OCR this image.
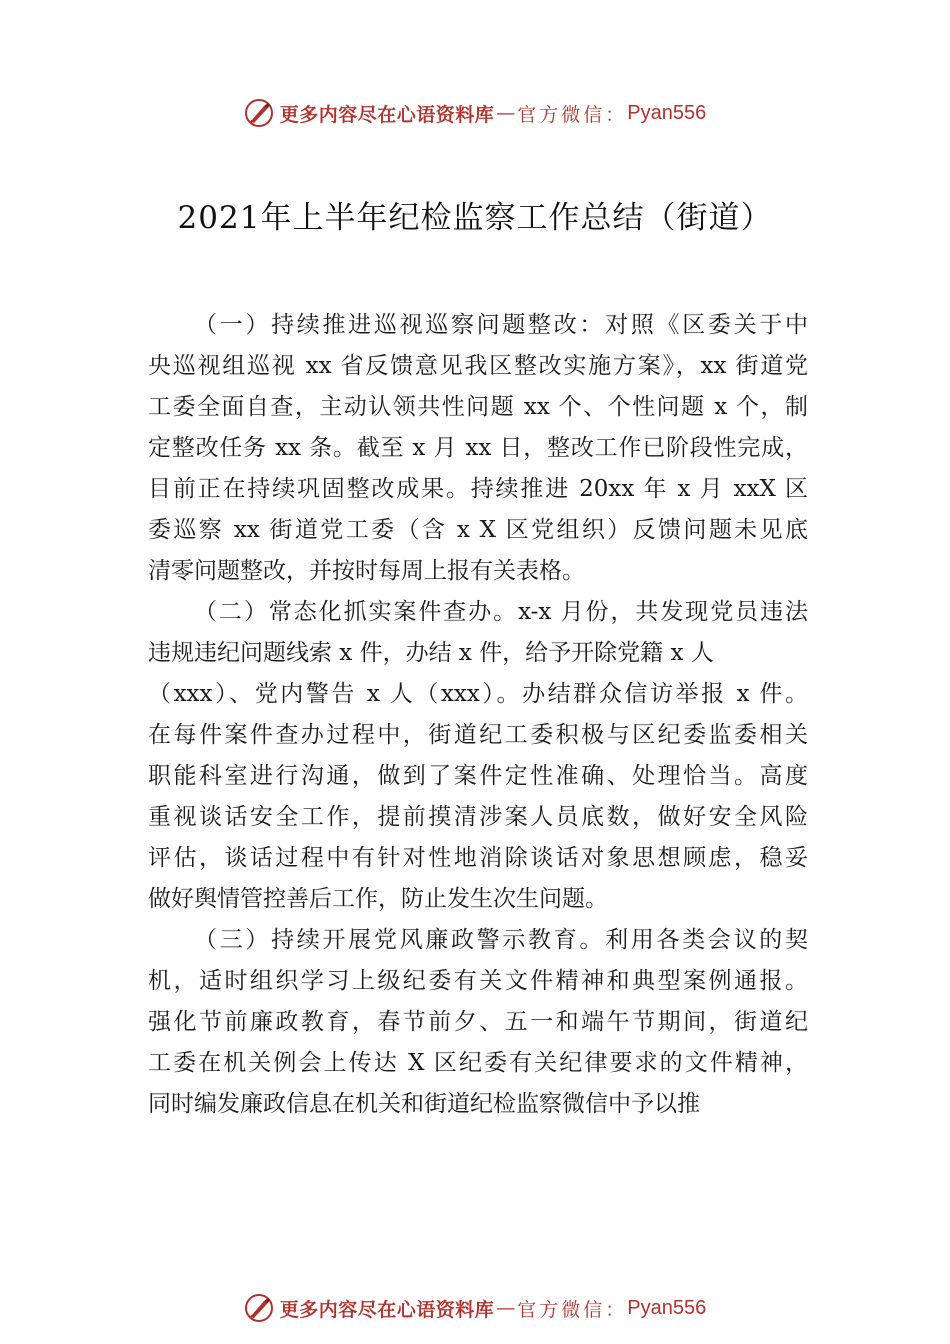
更多内容尽在心语资料库 — 官方微信： Pyan556
2021年上半年纪检监察工作总结（街道）
（一）持续推进巡视巡察问题整改：对照《区委关于中
央巡视组巡视 xx 省反馈意见我区整改实施方案》，xx 街道党
工委全面自查，主动认领共性问题 xx 个、个性问题 x 个，制
定整改任务 xx 条。截至 x 月 xx 日，整改工作已阶段性完成，
目前正在持续巩固整改成果。持续推进 20xx 年 x 月 xxX 区
委巡察 xx 街道党工委（含 x X 区党组织）反馈问题未见底
清零问题整改，并按时每周上报有关表格。
（二）常态化抓实案件查办。x-x 月份，共发现党员违法
违规违纪问题线索 x 件，办结 x 件，给予开除党籍 x 人
（xxx）、党内警告 x 人（xxx）。办结群众信访举报 x 件。
在每件案件查办过程中，街道纪工委积极与区纪委监委相关
职能科室进行沟通，做到了案件定性准确、处理恰当。高度
重视谈话安全工作，提前摸清涉案人员底数，做好安全风险
评估，谈话过程中有针对性地消除谈话对象思想顾虑，稳妥
做好舆情管控善后工作，防止发生次生问题。
（三）持续开展党风廉政警示教育。利用各类会议的契
机，适时组织学习上级纪委有关文件精神和典型案例通报。
强化节前廉政教育，春节前夕、五一和端午节期间，街道纪
工委在机关例会上传达 X 区纪委有关纪律要求的文件精神，
同时编发廉政信息在机关和街道纪检监察微信中予以推
更多内容尽在心语资料库 — 官方微信： Pyan556
